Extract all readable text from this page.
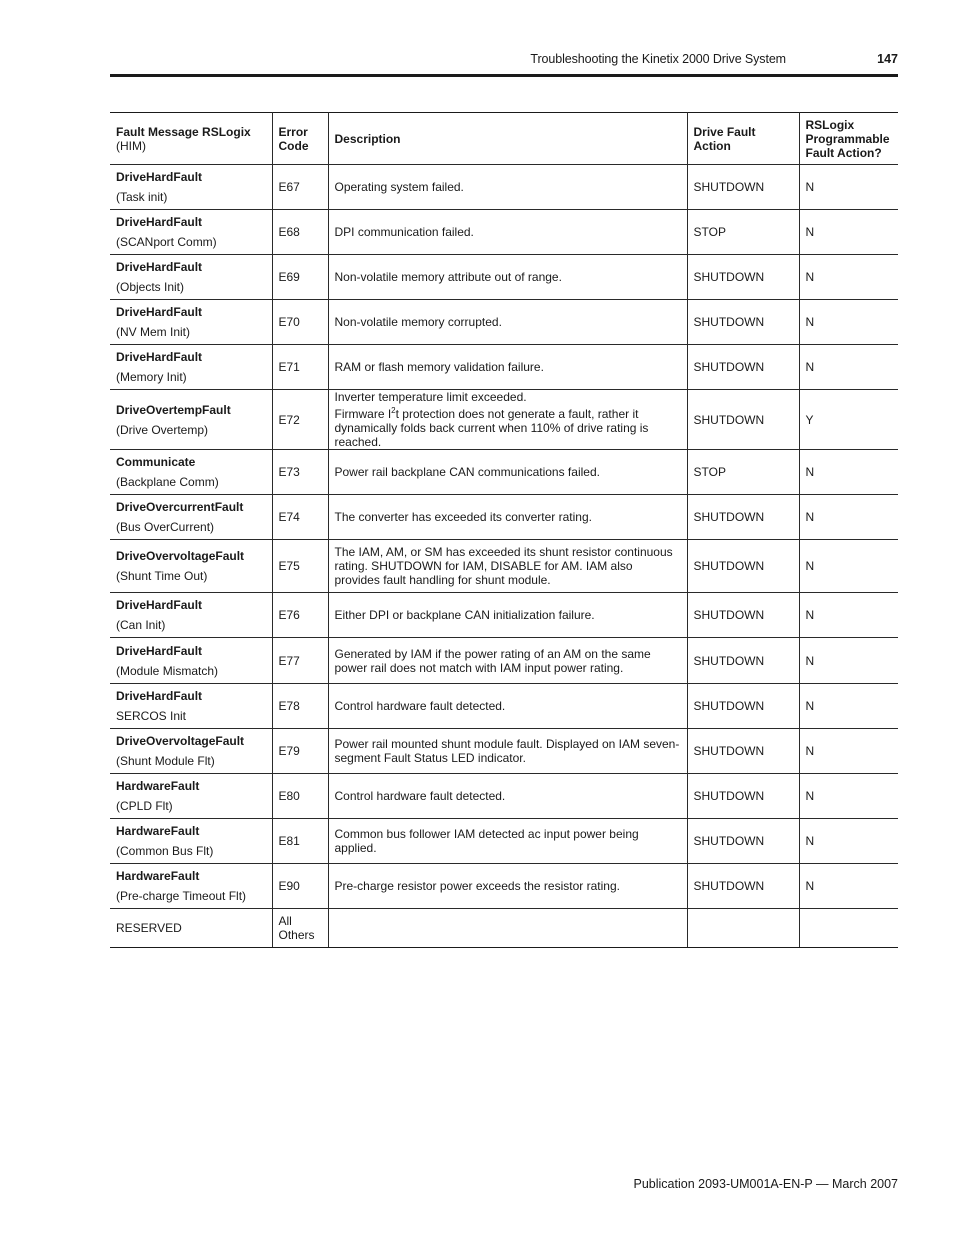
Troubleshooting the Kinetix 2000 Drive System	147
Fault Message RSLogix
(HIM)	Error Code	Description	Drive Fault Action	RSLogix Programmable Fault Action?

DriveHardFault
(Task init)	E67	Operating system failed.	SHUTDOWN	N

DriveHardFault
(SCANport Comm)	E68	DPI communication failed.	STOP	N

DriveHardFault
(Objects Init)	E69	Non-volatile memory attribute out of range.	SHUTDOWN	N

DriveHardFault
(NV Mem Init)	E70	Non-volatile memory corrupted.	SHUTDOWN	N

DriveHardFault
(Memory Init)	E71	RAM or flash memory validation failure.	SHUTDOWN	N

DriveOvertempFault
(Drive Overtemp)	E72	Inverter temperature limit exceeded.
Firmware $I^2t$ protection does not generate a fault, rather it dynamically folds back current when 110% of drive rating is reached.	SHUTDOWN	Y

Communicate
(Backplane Comm)	E73	Power rail backplane CAN communications failed.	STOP	N

DriveOvercurrentFault
(Bus OverCurrent)	E74	The converter has exceeded its converter rating.	SHUTDOWN	N

DriveOvervoltageFault
(Shunt Time Out)	E75	The IAM, AM, or SM has exceeded its shunt resistor continuous rating. SHUTDOWN for IAM, DISABLE for AM. IAM also provides fault handling for shunt module.	SHUTDOWN	N

DriveHardFault
(Can Init)	E76	Either DPI or backplane CAN initialization failure.	SHUTDOWN	N

DriveHardFault
(Module Mismatch)	E77	Generated by IAM if the power rating of an AM on the same power rail does not match with IAM input power rating.	SHUTDOWN	N

DriveHardFault
SERCOS Init	E78	Control hardware fault detected.	SHUTDOWN	N

DriveOvervoltageFault
(Shunt Module Flt)	E79	Power rail mounted shunt module fault. Displayed on IAM seven-segment Fault Status LED indicator.	SHUTDOWN	N

HardwareFault
(CPLD Flt)	E80	Control hardware fault detected.	SHUTDOWN	N

HardwareFault
(Common Bus Flt)	E81	Common bus follower IAM detected ac input power being applied.	SHUTDOWN	N

HardwareFault
(Pre-charge Timeout Flt)	E90	Pre-charge resistor power exceeds the resistor rating.	SHUTDOWN	N
RESERVED	All Others			
Publication 2093-UM001A-EN-P — March 2007
